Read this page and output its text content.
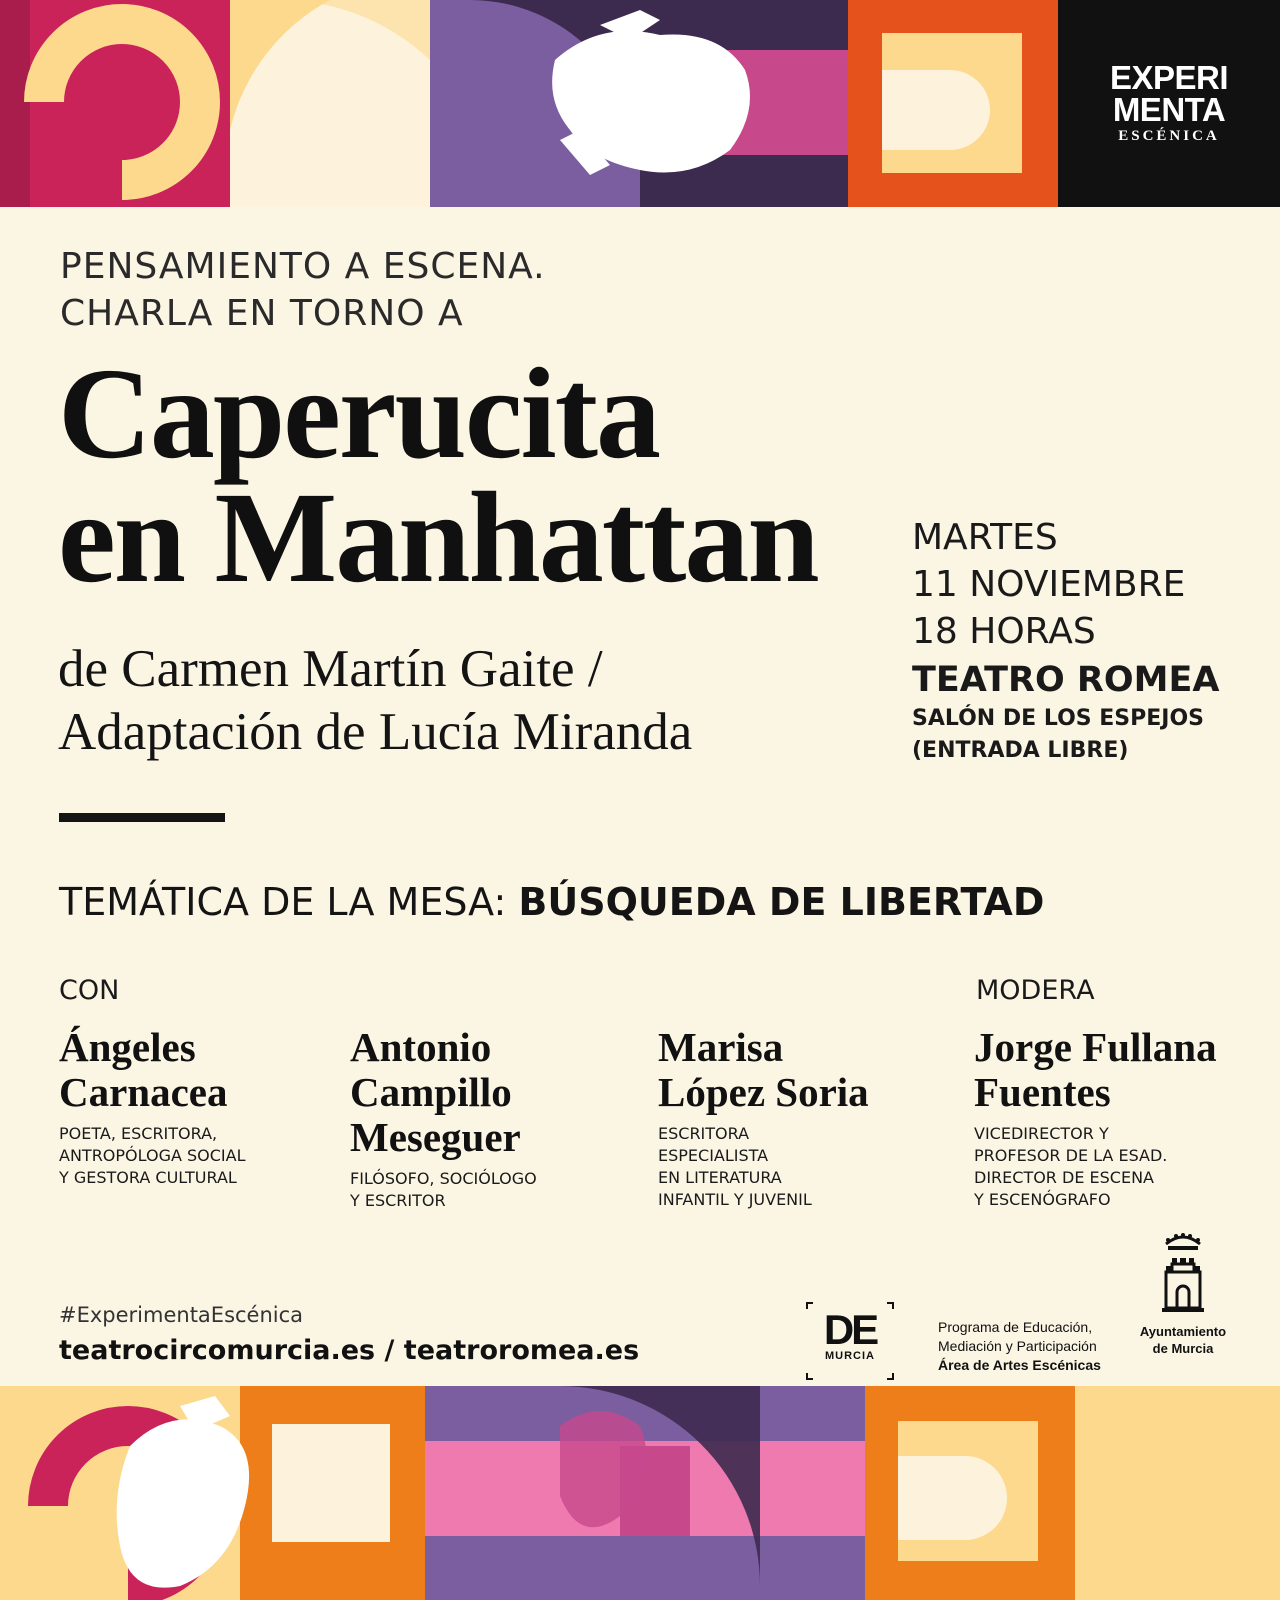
EXPERI
MENTA
ESCÉNICA
PENSAMIENTO A ESCENA.
CHARLA EN TORNO A
Caperucita
en Manhattan
de Carmen Martín Gaite /
Adaptación de Lucía Miranda
MARTES
11 NOVIEMBRE
18 HORAS
TEATRO ROMEA
SALÓN DE LOS ESPEJOS
(ENTRADA LIBRE)
TEMÁTICA DE LA MESA: BÚSQUEDA DE LIBERTAD
CON	MODERA
Ángeles
Carnacea
POETA, ESCRITORA,
ANTROPÓLOGA SOCIAL
Y GESTORA CULTURAL
Antonio
Campillo
Meseguer
FILÓSOFO, SOCIÓLOGO
Y ESCRITOR
Marisa
López Soria
ESCRITORA
ESPECIALISTA
EN LITERATURA
INFANTIL Y JUVENIL
Jorge Fullana
Fuentes
VICEDIRECTOR Y
PROFESOR DE LA ESAD.
DIRECTOR DE ESCENA
Y ESCENÓGRAFO
#ExperimentaEscénica
teatrocircomurcia.es / teatroromea.es	DE
MURCIA
Programa de Educación,
Mediación y Participación
Área de Artes Escénicas
Ayuntamiento
de Murcia
